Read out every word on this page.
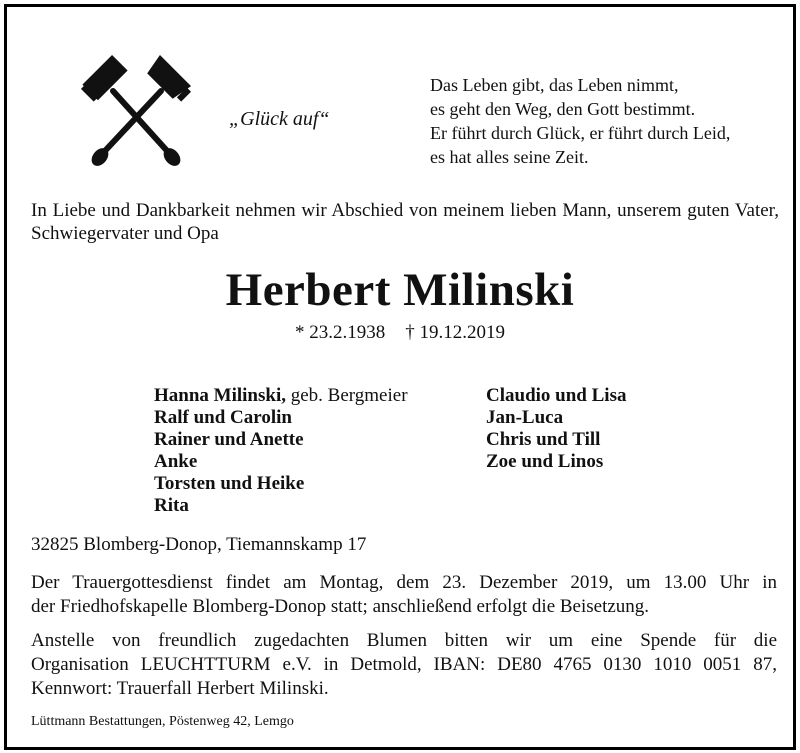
„Glück auf“
Das Leben gibt, das Leben nimmt,
es geht den Weg, den Gott bestimmt.
Er führt durch Glück, er führt durch Leid,
es hat alles seine Zeit.
In Liebe und Dankbarkeit nehmen wir Abschied von meinem lieben Mann, unserem guten Vater, Schwiegervater und Opa
Herbert Milinski
* 23.2.1938 † 19.12.2019
Hanna Milinski, geb. Bergmeier
Ralf und Carolin
Rainer und Anette
Anke
Torsten und Heike
Rita
Claudio und Lisa
Jan-Luca
Chris und Till
Zoe und Linos
32825 Blomberg-Donop, Tiemannskamp 17
Der Trauergottesdienst findet am Montag, dem 23. Dezember 2019, um 13.00 Uhr in
der Friedhofskapelle Blomberg-Donop statt; anschließend erfolgt die Beisetzung.
Anstelle von freundlich zugedachten Blumen bitten wir um eine Spende für die
Organisation LEUCHTTURM e.V. in Detmold, IBAN: DE80 4765 0130 1010 0051 87,
Kennwort: Trauerfall Herbert Milinski.
Lüttmann Bestattungen, Pöstenweg 42, Lemgo
